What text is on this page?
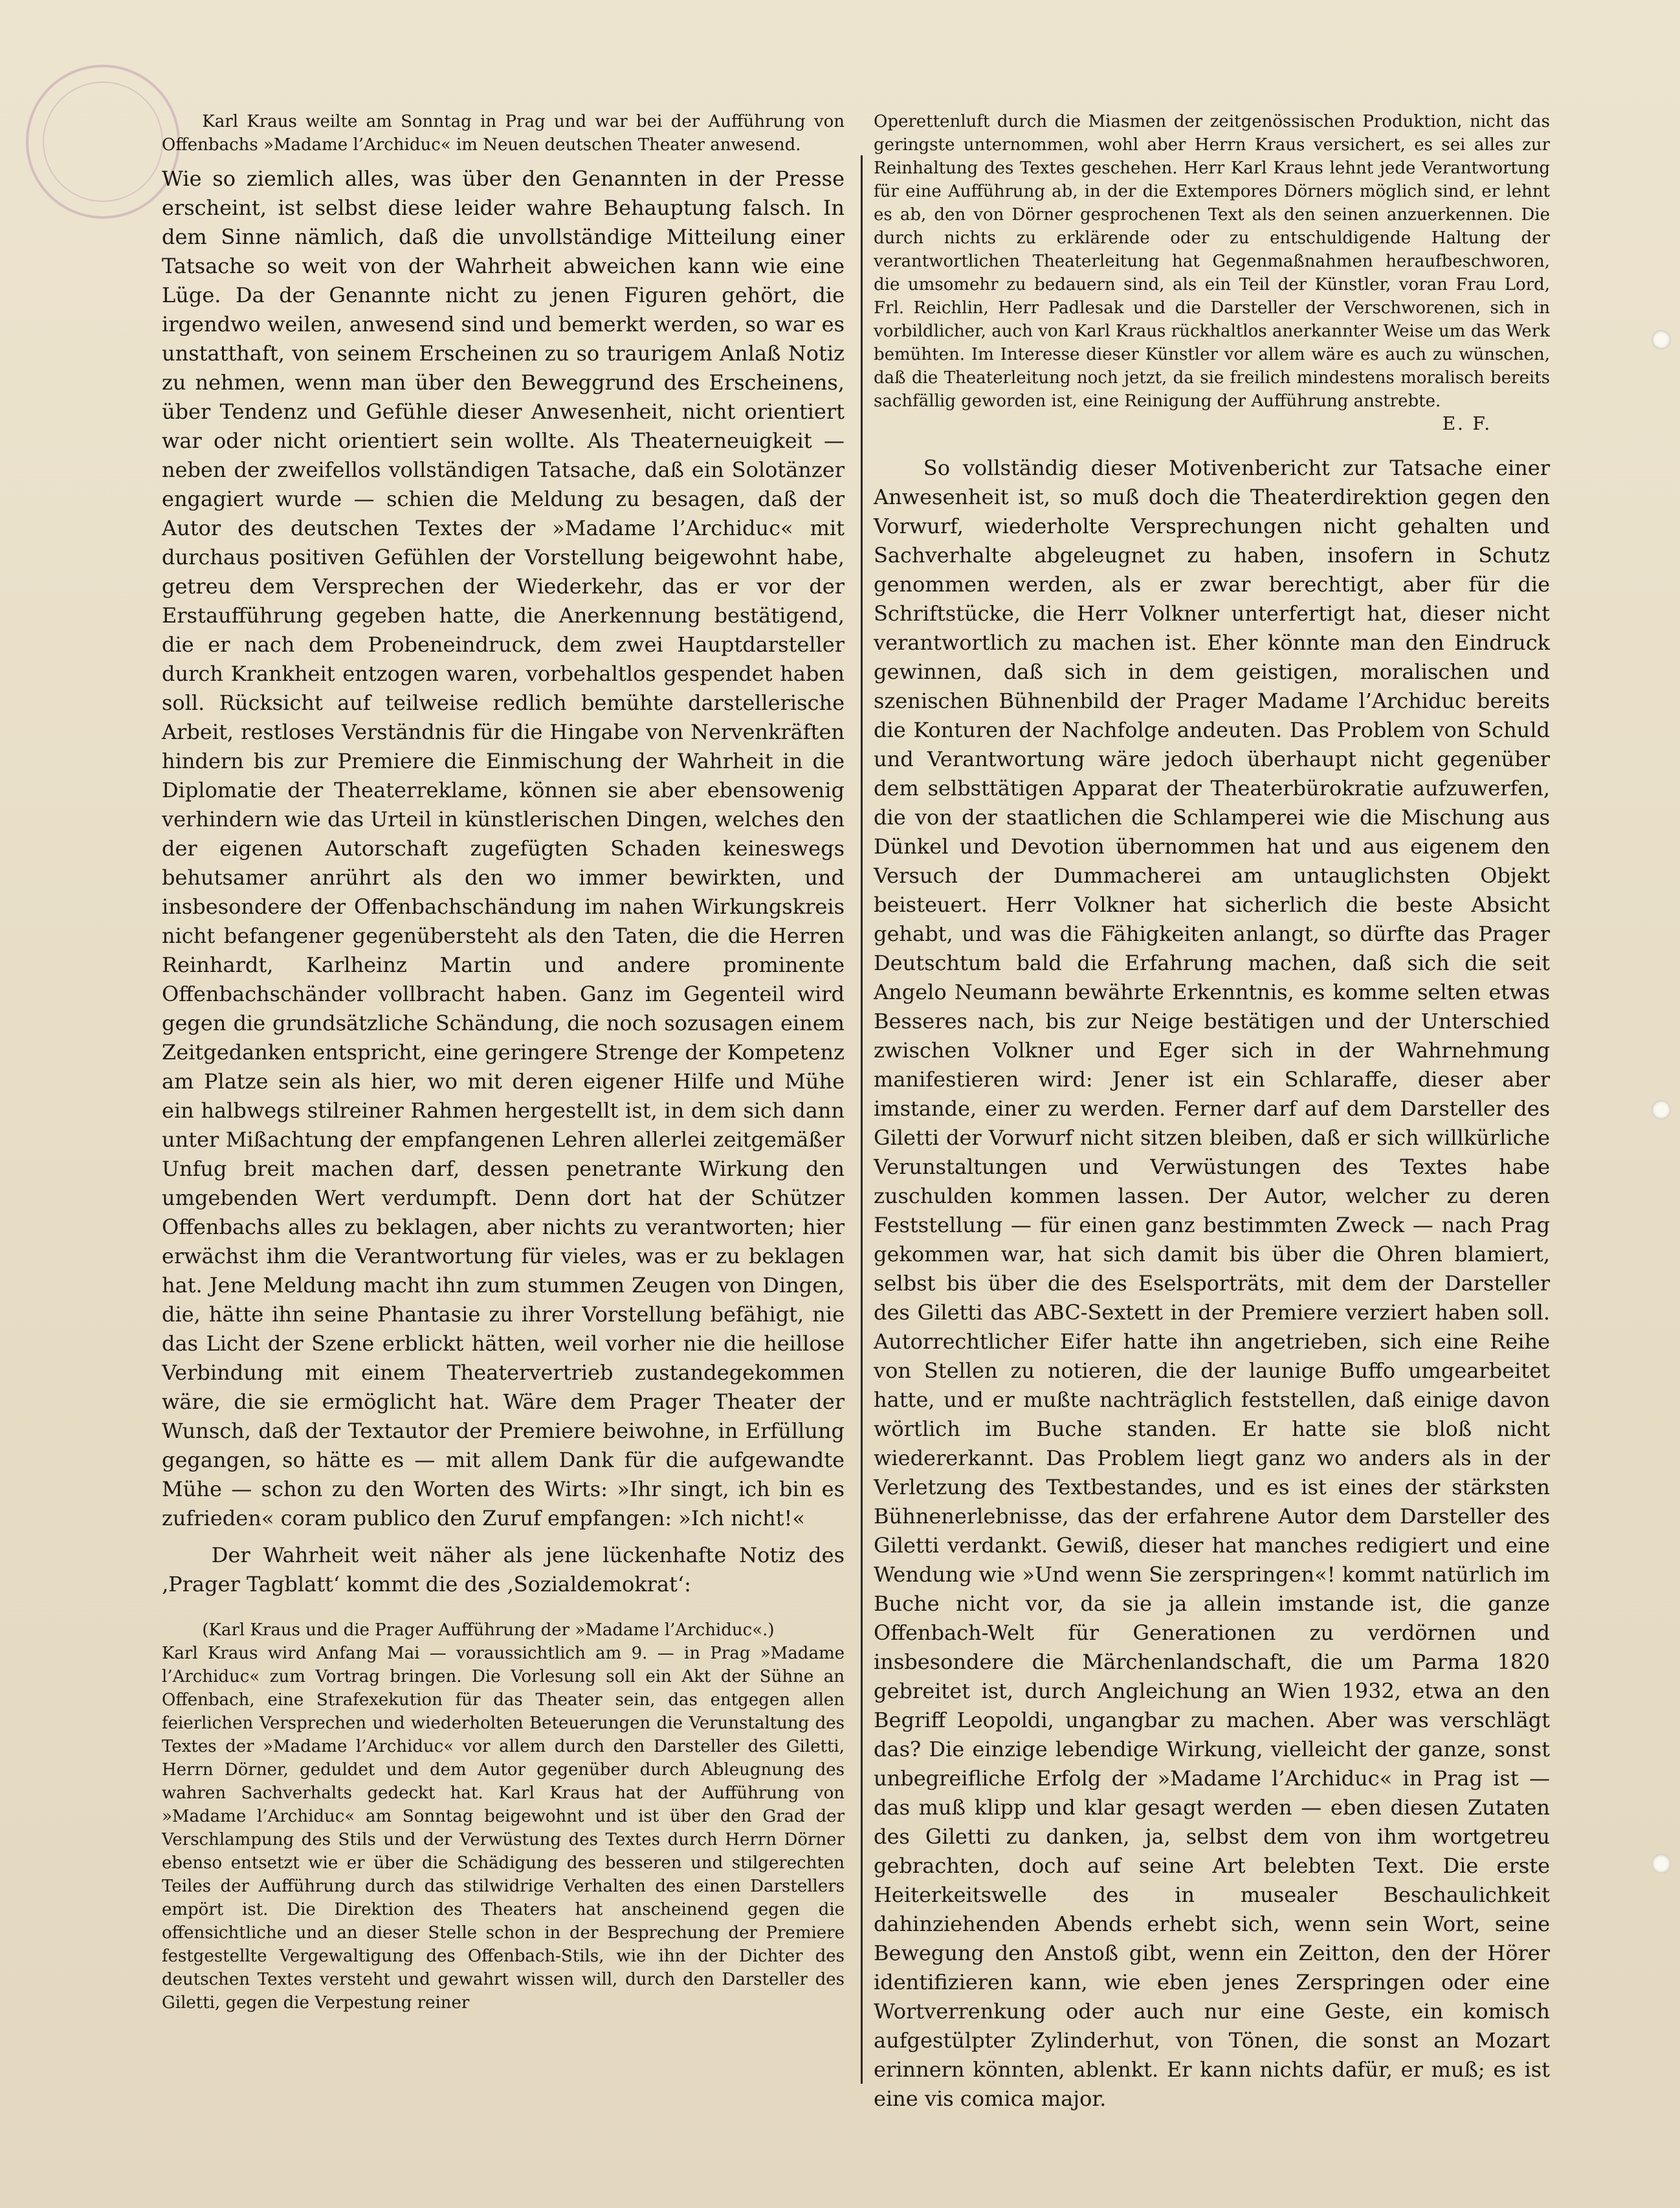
Karl Kraus weilte am Sonntag in Prag und war bei der Aufführung von Offenbachs »Madame l’Archiduc« im Neuen deutschen Theater anwesend.

Wie so ziemlich alles, was über den Genannten in der Presse erscheint, ist selbst diese leider wahre Behauptung falsch. In dem Sinne nämlich, daß die unvollständige Mitteilung einer Tatsache so weit von der Wahrheit abweichen kann wie eine Lüge. Da der Genannte nicht zu jenen Figuren gehört, die irgendwo weilen, anwesend sind und bemerkt werden, so war es unstatthaft, von seinem Erscheinen zu so traurigem Anlaß Notiz zu nehmen, wenn man über den Beweggrund des Erscheinens, über Tendenz und Gefühle dieser Anwesenheit, nicht orientiert war oder nicht orientiert sein wollte. Als Theaterneuigkeit — neben der zweifellos vollständigen Tatsache, daß ein Solotänzer engagiert wurde — schien die Meldung zu besagen, daß der Autor des deutschen Textes der »Madame l’Archiduc« mit durchaus positiven Gefühlen der Vorstellung beigewohnt habe, getreu dem Versprechen der Wiederkehr, das er vor der Erstaufführung gegeben hatte, die Anerkennung bestätigend, die er nach dem Probeneindruck, dem zwei Hauptdarsteller durch Krankheit entzogen waren, vorbehaltlos gespendet haben soll. Rücksicht auf teilweise redlich bemühte darstellerische Arbeit, restloses Verständnis für die Hingabe von Nervenkräften hindern bis zur Premiere die Einmischung der Wahrheit in die Diplomatie der Theaterreklame, können sie aber ebensowenig verhindern wie das Urteil in künstlerischen Dingen, welches den der eigenen Autorschaft zugefügten Schaden keineswegs behutsamer anrührt als den wo immer bewirkten, und insbesondere der Offenbachschändung im nahen Wirkungskreis nicht befangener gegenübersteht als den Taten, die die Herren Reinhardt, Karlheinz Martin und andere prominente Offenbachschänder vollbracht haben. Ganz im Gegenteil wird gegen die grundsätzliche Schändung, die noch sozusagen einem Zeitgedanken entspricht, eine geringere Strenge der Kompetenz am Platze sein als hier, wo mit deren eigener Hilfe und Mühe ein halbwegs stilreiner Rahmen hergestellt ist, in dem sich dann unter Mißachtung der empfangenen Lehren allerlei zeitgemäßer Unfug breit machen darf, dessen penetrante Wirkung den umgebenden Wert verdumpft. Denn dort hat der Schützer Offenbachs alles zu beklagen, aber nichts zu verantworten; hier erwächst ihm die Verantwortung für vieles, was er zu beklagen hat. Jene Meldung macht ihn zum stummen Zeugen von Dingen, die, hätte ihn seine Phantasie zu ihrer Vorstellung befähigt, nie das Licht der Szene erblickt hätten, weil vorher nie die heillose Verbindung mit einem Theatervertrieb zustandegekommen wäre, die sie ermöglicht hat. Wäre dem Prager Theater der Wunsch, daß der Textautor der Premiere beiwohne, in Erfüllung gegangen, so hätte es — mit allem Dank für die aufgewandte Mühe — schon zu den Worten des Wirts: »Ihr singt, ich bin es zufrieden« coram publico den Zuruf empfangen: »Ich nicht!«

Der Wahrheit weit näher als jene lückenhafte Notiz des ‚Prager Tagblatt‘ kommt die des ‚Sozialdemokrat‘:

(Karl Kraus und die Prager Aufführung der »Madame l’Archiduc«.)

Karl Kraus wird Anfang Mai — voraussichtlich am 9. — in Prag »Madame l’Archiduc« zum Vortrag bringen. Die Vorlesung soll ein Akt der Sühne an Offenbach, eine Strafexekution für das Theater sein, das entgegen allen feierlichen Versprechen und wiederholten Beteuerungen die Verunstaltung des Textes der »Madame l’Archiduc« vor allem durch den Darsteller des Giletti, Herrn Dörner, geduldet und dem Autor gegenüber durch Ableugnung des wahren Sachverhalts gedeckt hat. Karl Kraus hat der Aufführung von »Madame l’Archiduc« am Sonntag beigewohnt und ist über den Grad der Verschlampung des Stils und der Verwüstung des Textes durch Herrn Dörner ebenso entsetzt wie er über die Schädigung des besseren und stilgerechten Teiles der Aufführung durch das stilwidrige Verhalten des einen Darstellers empört ist. Die Direktion des Theaters hat anscheinend gegen die offensichtliche und an dieser Stelle schon in der Besprechung der Premiere festgestellte Vergewaltigung des Offenbach-Stils, wie ihn der Dichter des deutschen Textes versteht und gewahrt wissen will, durch den Darsteller des Giletti, gegen die Verpestung reiner

Operettenluft durch die Miasmen der zeitgenössischen Produktion, nicht das geringste unternommen, wohl aber Herrn Kraus versichert, es sei alles zur Reinhaltung des Textes geschehen. Herr Karl Kraus lehnt jede Verantwortung für eine Aufführung ab, in der die Extempores Dörners möglich sind, er lehnt es ab, den von Dörner gesprochenen Text als den seinen anzuerkennen. Die durch nichts zu erklärende oder zu entschuldigende Haltung der verantwortlichen Theaterleitung hat Gegenmaßnahmen heraufbeschworen, die umsomehr zu bedauern sind, als ein Teil der Künstler, voran Frau Lord, Frl. Reichlin, Herr Padlesak und die Darsteller der Verschworenen, sich in vorbildlicher, auch von Karl Kraus rückhaltlos anerkannter Weise um das Werk bemühten. Im Interesse dieser Künstler vor allem wäre es auch zu wünschen, daß die Theaterleitung noch jetzt, da sie freilich mindestens moralisch bereits sachfällig geworden ist, eine Reinigung der Aufführung anstrebte.

E. F.

So vollständig dieser Motivenbericht zur Tatsache einer Anwesenheit ist, so muß doch die Theaterdirektion gegen den Vorwurf, wiederholte Versprechungen nicht gehalten und Sachverhalte abgeleugnet zu haben, insofern in Schutz genommen werden, als er zwar berechtigt, aber für die Schriftstücke, die Herr Volkner unterfertigt hat, dieser nicht verantwortlich zu machen ist. Eher könnte man den Eindruck gewinnen, daß sich in dem geistigen, moralischen und szenischen Bühnenbild der Prager Madame l’Archiduc bereits die Konturen der Nachfolge andeuten. Das Problem von Schuld und Verantwortung wäre jedoch überhaupt nicht gegenüber dem selbsttätigen Apparat der Theaterbürokratie aufzuwerfen, die von der staatlichen die Schlamperei wie die Mischung aus Dünkel und Devotion übernommen hat und aus eigenem den Versuch der Dummacherei am untauglichsten Objekt beisteuert. Herr Volkner hat sicherlich die beste Absicht gehabt, und was die Fähigkeiten anlangt, so dürfte das Prager Deutschtum bald die Erfahrung machen, daß sich die seit Angelo Neumann bewährte Erkenntnis, es komme selten etwas Besseres nach, bis zur Neige bestätigen und der Unterschied zwischen Volkner und Eger sich in der Wahrnehmung manifestieren wird: Jener ist ein Schlaraffe, dieser aber imstande, einer zu werden. Ferner darf auf dem Darsteller des Giletti der Vorwurf nicht sitzen bleiben, daß er sich willkürliche Verunstaltungen und Verwüstungen des Textes habe zuschulden kommen lassen. Der Autor, welcher zu deren Feststellung — für einen ganz bestimmten Zweck — nach Prag gekommen war, hat sich damit bis über die Ohren blamiert, selbst bis über die des Eselsporträts, mit dem der Darsteller des Giletti das ABC-Sextett in der Premiere verziert haben soll. Autorrechtlicher Eifer hatte ihn angetrieben, sich eine Reihe von Stellen zu notieren, die der launige Buffo umgearbeitet hatte, und er mußte nachträglich feststellen, daß einige davon wörtlich im Buche standen. Er hatte sie bloß nicht wiedererkannt. Das Problem liegt ganz wo anders als in der Verletzung des Textbestandes, und es ist eines der stärksten Bühnenerlebnisse, das der erfahrene Autor dem Darsteller des Giletti verdankt. Gewiß, dieser hat manches redigiert und eine Wendung wie »Und wenn Sie zerspringen«! kommt natürlich im Buche nicht vor, da sie ja allein imstande ist, die ganze Offenbach-Welt für Generationen zu verdörnen und insbesondere die Märchenlandschaft, die um Parma 1820 gebreitet ist, durch Angleichung an Wien 1932, etwa an den Begriff Leopoldi, ungangbar zu machen. Aber was verschlägt das? Die einzige lebendige Wirkung, vielleicht der ganze, sonst unbegreifliche Erfolg der »Madame l’Archiduc« in Prag ist — das muß klipp und klar gesagt werden — eben diesen Zutaten des Giletti zu danken, ja, selbst dem von ihm wortgetreu gebrachten, doch auf seine Art belebten Text. Die erste Heiterkeitswelle des in musealer Beschaulichkeit dahinziehenden Abends erhebt sich, wenn sein Wort, seine Bewegung den Anstoß gibt, wenn ein Zeitton, den der Hörer identifizieren kann, wie eben jenes Zerspringen oder eine Wortverrenkung oder auch nur eine Geste, ein komisch aufgestülpter Zylinderhut, von Tönen, die sonst an Mozart erinnern könnten, ablenkt. Er kann nichts dafür, er muß; es ist eine vis comica major.
